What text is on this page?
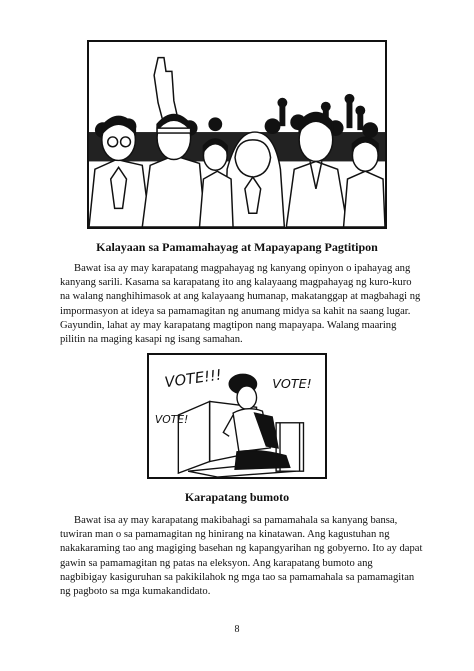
Kalayaan sa Pamamahayag at Mapayapang Pagtitipon
Bawat isa ay may karapatang magpahayag ng kanyang opinyon o ipahayag ang
kanyang sarili. Kasama sa karapatang ito ang kalayaang magpahayag ng kuro-kuro
na walang nanghihimasok at ang kalayaang humanap, makatanggap at magbahagi ng
impormasyon at ideya sa pamamagitan ng anumang midya sa kahit na saang lugar.
Gayundin, lahat ay may karapatang magtipon nang mapayapa. Walang maaring
pilitin na maging kasapi ng isang samahan.
VOTE!!!	VOTE!
VOTE!
Karapatang bumoto
Bawat isa ay may karapatang makibahagi sa pamamahala sa kanyang bansa,
tuwiran man o sa pamamagitan ng hinirang na kinatawan. Ang kagustuhan ng
nakakaraming tao ang magiging basehan ng kapangyarihan ng gobyerno. Ito ay dapat
gawin sa pamamagitan ng patas na eleksyon. Ang karapatang bumoto ang
nagbibigay kasiguruhan sa pakikilahok ng mga tao sa pamamahala sa pamamagitan
ng pagboto sa mga kumakandidato.
8
